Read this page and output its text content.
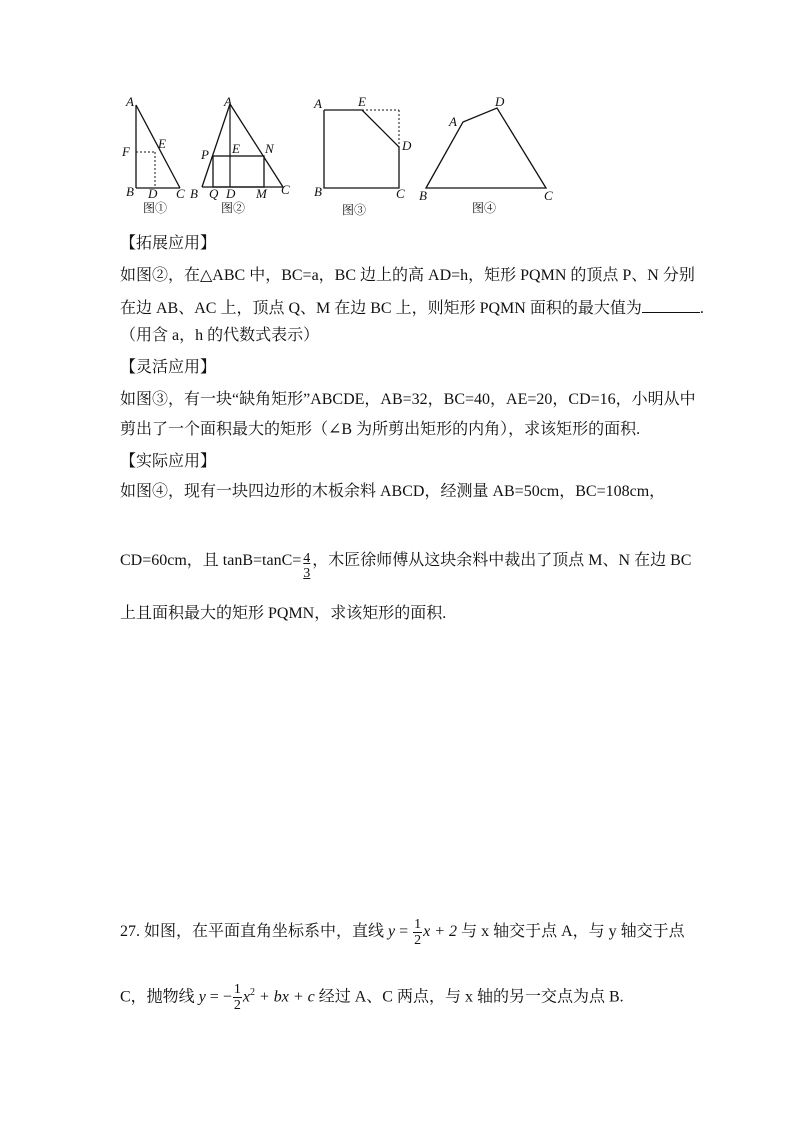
A
F
E
B D C
图①
A
P E N
B Q D M C
图②
A	E
D
B	C
图③
A
D
B	C
图④
【拓展应用】
如图②，在△ABC 中，BC=a，BC 边上的高 AD=h，矩形 PQMN 的顶点 P、N 分别
在边 AB、AC 上，顶点 Q、M 在边 BC 上，则矩形 PQMN 面积的最大值为	.
（用含 a，h 的代数式表示）
【灵活应用】
如图③，有一块“缺角矩形”ABCDE，AB=32，BC=40，AE=20，CD=16，小明从中
剪出了一个面积最大的矩形（∠B 为所剪出矩形的内角），求该矩形的面积.
【实际应用】
如图④，现有一块四边形的木板余料 ABCD，经测量 AB=50cm，BC=108cm，
CD=60cm，且 $\tan B=\tan C= \frac{4}{3}$ ，木匠徐师傅从这块余料中裁出了顶点 M、N 在边 BC
上且面积最大的矩形 PQMN，求该矩形的面积.
27. 如图，在平面直角坐标系中，直线 $y = \frac{1}{2}$ x + 2 与 x 轴交于点 A，与 y 轴交于点
C，抛物线 y = − $\frac{1}{2} x^2$ + bx + c 经过 A、C 两点，与 x 轴的另一交点为点 B.
